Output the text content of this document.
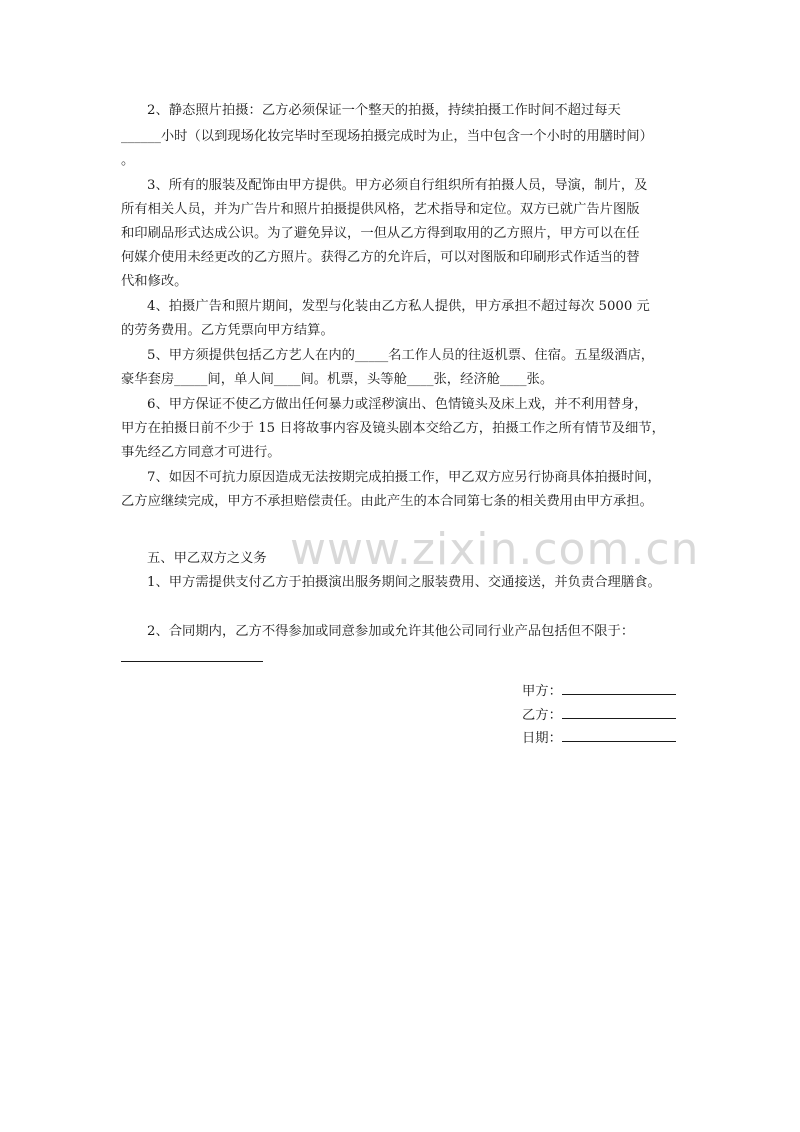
www.zixin.com.cn
2、静态照片拍摄：乙方必须保证一个整天的拍摄，持续拍摄工作时间不超过每天
______小时（以到现场化妆完毕时至现场拍摄完成时为止，当中包含一个小时的用膳时间）
。
3、所有的服装及配饰由甲方提供。甲方必须自行组织所有拍摄人员，导演，制片，及
所有相关人员，并为广告片和照片拍摄提供风格，艺术指导和定位。双方已就广告片图版
和印刷品形式达成公识。为了避免异议，一但从乙方得到取用的乙方照片，甲方可以在任
何媒介使用未经更改的乙方照片。获得乙方的允许后，可以对图版和印刷形式作适当的替
代和修改。
4、拍摄广告和照片期间，发型与化装由乙方私人提供，甲方承担不超过每次 5000 元
的劳务费用。乙方凭票向甲方结算。
5、甲方须提供包括乙方艺人在内的_____名工作人员的往返机票、住宿。五星级酒店，
豪华套房_____间，单人间____间。机票，头等舱____张，经济舱____张。
6、甲方保证不使乙方做出任何暴力或淫秽演出、色情镜头及床上戏，并不利用替身，
甲方在拍摄日前不少于 15 日将故事内容及镜头剧本交给乙方，拍摄工作之所有情节及细节，
事先经乙方同意才可进行。
7、如因不可抗力原因造成无法按期完成拍摄工作，甲乙双方应另行协商具体拍摄时间，
乙方应继续完成，甲方不承担赔偿责任。由此产生的本合同第七条的相关费用由甲方承担。
五、甲乙双方之义务
1、甲方需提供支付乙方于拍摄演出服务期间之服装费用、交通接送，并负责合理膳食。
2、合同期内，乙方不得参加或同意参加或允许其他公司同行业产品包括但不限于：
甲方：
乙方：
日期：
